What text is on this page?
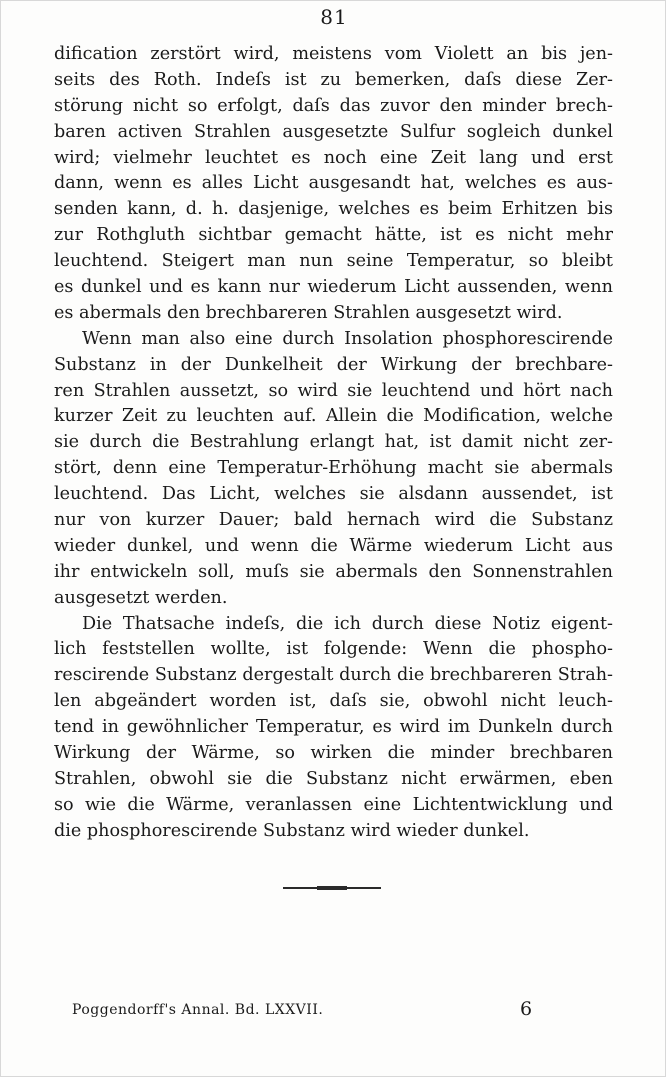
81
dification zerstört wird, meistens vom Violett an bis jen-
seits des Roth. Indeſs ist zu bemerken, daſs diese Zer-
störung nicht so erfolgt, daſs das zuvor den minder brech-
baren activen Strahlen ausgesetzte Sulfur sogleich dunkel
wird; vielmehr leuchtet es noch eine Zeit lang und erst
dann, wenn es alles Licht ausgesandt hat, welches es aus-
senden kann, d. h. dasjenige, welches es beim Erhitzen bis
zur Rothgluth sichtbar gemacht hätte, ist es nicht mehr
leuchtend. Steigert man nun seine Temperatur, so bleibt
es dunkel und es kann nur wiederum Licht aussenden, wenn
es abermals den brechbareren Strahlen ausgesetzt wird.
Wenn man also eine durch Insolation phosphorescirende
Substanz in der Dunkelheit der Wirkung der brechbare-
ren Strahlen aussetzt, so wird sie leuchtend und hört nach
kurzer Zeit zu leuchten auf. Allein die Modification, welche
sie durch die Bestrahlung erlangt hat, ist damit nicht zer-
stört, denn eine Temperatur-Erhöhung macht sie abermals
leuchtend. Das Licht, welches sie alsdann aussendet, ist
nur von kurzer Dauer; bald hernach wird die Substanz
wieder dunkel, und wenn die Wärme wiederum Licht aus
ihr entwickeln soll, muſs sie abermals den Sonnenstrahlen
ausgesetzt werden.
Die Thatsache indeſs, die ich durch diese Notiz eigent-
lich feststellen wollte, ist folgende: Wenn die phospho-
rescirende Substanz dergestalt durch die brechbareren Strah-
len abgeändert worden ist, daſs sie, obwohl nicht leuch-
tend in gewöhnlicher Temperatur, es wird im Dunkeln durch
Wirkung der Wärme, so wirken die minder brechbaren
Strahlen, obwohl sie die Substanz nicht erwärmen, eben
so wie die Wärme, veranlassen eine Lichtentwicklung und
die phosphorescirende Substanz wird wieder dunkel.
Poggendorff's Annal. Bd. LXXVII.	6
